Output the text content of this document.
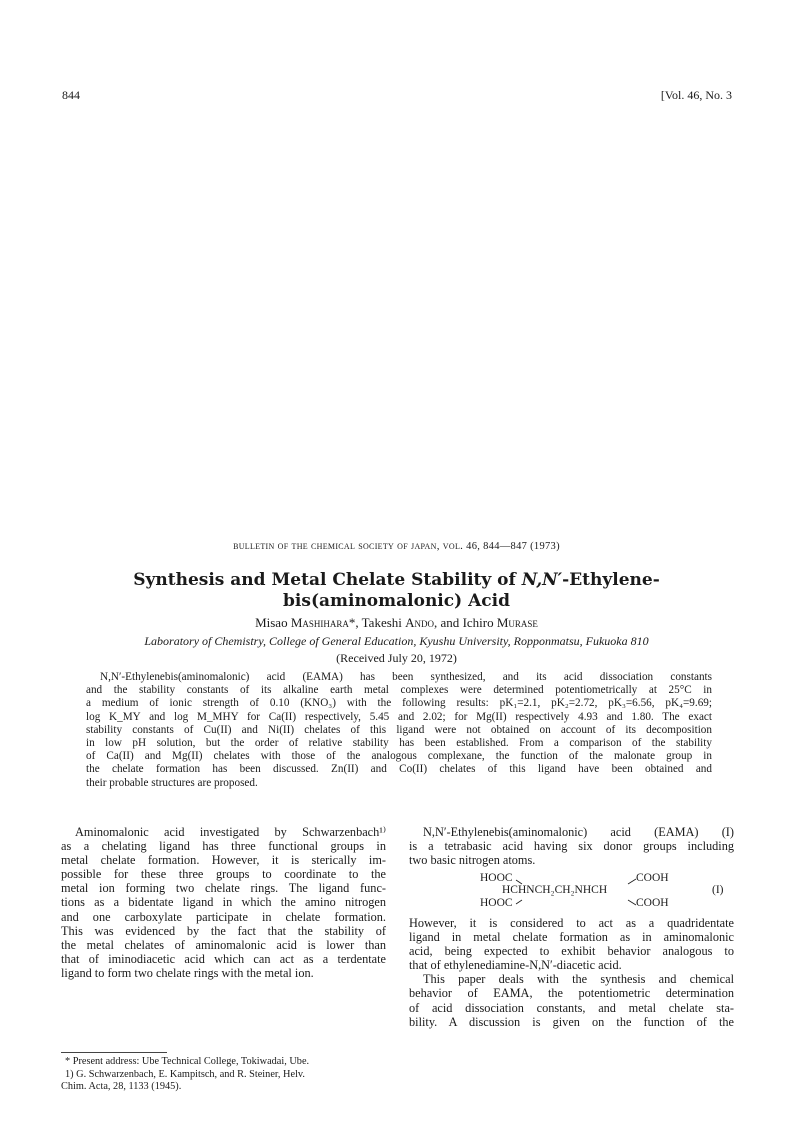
844	[Vol. 46, No. 3
bulletin of the chemical society of japan, vol. 46, 844—847 (1973)
Synthesis and Metal Chelate Stability of N,N′-Ethylene-
bis(aminomalonic) Acid
Misao Mashihara*, Takeshi Ando, and Ichiro Murase
Laboratory of Chemistry, College of General Education, Kyushu University, Ropponmatsu, Fukuoka 810
(Received July 20, 1972)
N,N′-Ethylenebis(aminomalonic) acid (EAMA) has been synthesized, and its acid dissociation constants
and the stability constants of its alkaline earth metal complexes were determined potentiometrically at 25°C in
a medium of ionic strength of 0.10 (KNO₃) with the following results: pK₁=2.1, pK₂=2.72, pK₃=6.56, pK₄=9.69;
log K_MY and log M_MHY for Ca(II) respectively, 5.45 and 2.02; for Mg(II) respectively 4.93 and 1.80. The exact
stability constants of Cu(II) and Ni(II) chelates of this ligand were not obtained on account of its decomposition
in low pH solution, but the order of relative stability has been established. From a comparison of the stability
of Ca(II) and Mg(II) chelates with those of the analogous complexane, the function of the malonate group in
the chelate formation has been discussed. Zn(II) and Co(II) chelates of this ligand have been obtained and
their probable structures are proposed.
Aminomalonic acid investigated by Schwarzenbach¹⁾
as a chelating ligand has three functional groups in
metal chelate formation. However, it is sterically im-
possible for these three groups to coordinate to the
metal ion forming two chelate rings. The ligand func-
tions as a bidentate ligand in which the amino nitrogen
and one carboxylate participate in chelate formation.
This was evidenced by the fact that the stability of
the metal chelates of aminomalonic acid is lower than
that of iminodiacetic acid which can act as a terdentate
ligand to form two chelate rings with the metal ion.
* Present address: Ube Technical College, Tokiwadai, Ube.
1) G. Schwarzenbach, E. Kampitsch, and R. Steiner, Helv.
Chim. Acta, 28, 1133 (1945).
N,N′-Ethylenebis(aminomalonic) acid (EAMA) (I)
is a tetrabasic acid having six donor groups including
two basic nitrogen atoms.
HOOC	COOH
HCHNCH₂CH₂NHCH
HOOC	COOH
(I)
However, it is considered to act as a quadridentate
ligand in metal chelate formation as in aminomalonic
acid, being expected to exhibit behavior analogous to
that of ethylenediamine-N,N′-diacetic acid.
This paper deals with the synthesis and chemical
behavior of EAMA, the potentiometric determination
of acid dissociation constants, and metal chelate sta-
bility. A discussion is given on the function of the
